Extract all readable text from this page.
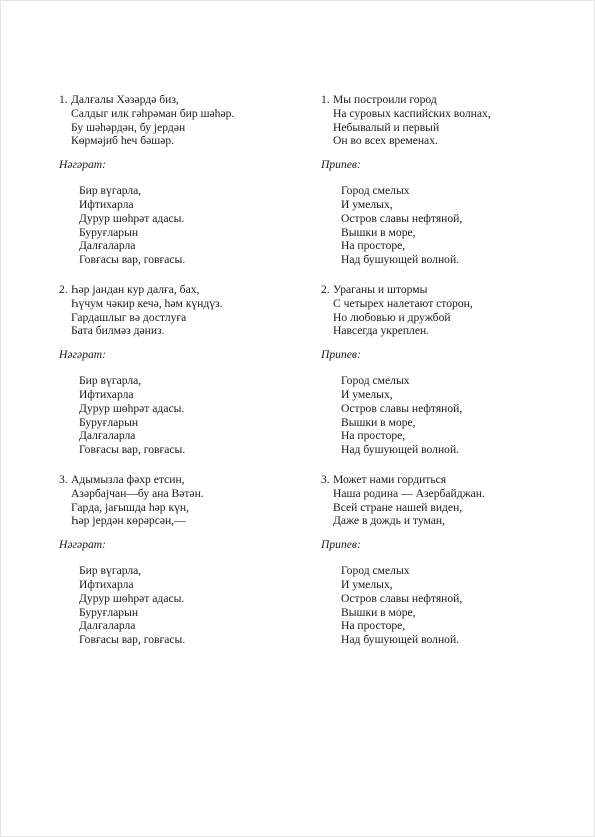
1. Далғалы Хәзәрдә биз,
Салдыг илк гәһрәман бир шәһәр.
Бу шәһәрдән, бу јердән
Көрмәјиб һеч бәшәр.
Нәгәрат:
Бир вүгарла,
Ифтихарла
Дурур шөһрәт адасы.
Буруғларын
Далғаларла
Говғасы вар, говғасы.
2. Һәр јандан кур далға, бах,
Һүчум чәкир кечә, һәм күндүз.
Гардашлыг вә достлуға
Бата билмәз дәниз.
Нәгәрат:
Бир вүгарла,
Ифтихарла
Дурур шөһрәт адасы.
Буруғларын
Далғаларла
Говғасы вар, говғасы.
3. Адымызла фәхр етсин,
Азәрбајчан—бу ана Вәтән.
Гарда, јағышда һәр күн,
Һәр јердән көрәрсән,—
Нәгәрат:
Бир вүгарла,
Ифтихарла
Дурур шөһрәт адасы.
Буруғларын
Далғаларла
Говғасы вар, говғасы.
1. Мы построили город
На суровых каспийских волнах,
Небывалый и первый
Он во всех временах.
Припев:
Город смелых
И умелых,
Остров славы нефтяной,
Вышки в море,
На просторе,
Над бушующей волной.
2. Ураганы и штормы
С четырех налетают сторон,
Но любовью и дружбой
Навсегда укреплен.
Припев:
Город смелых
И умелых,
Остров славы нефтяной,
Вышки в море,
На просторе,
Над бушующей волной.
3. Может нами гордиться
Наша родина — Азербайджан.
Всей стране нашей виден,
Даже в дождь и туман,
Припев:
Город смелых
И умелых,
Остров славы нефтяной,
Вышки в море,
На просторе,
Над бушующей волной.
